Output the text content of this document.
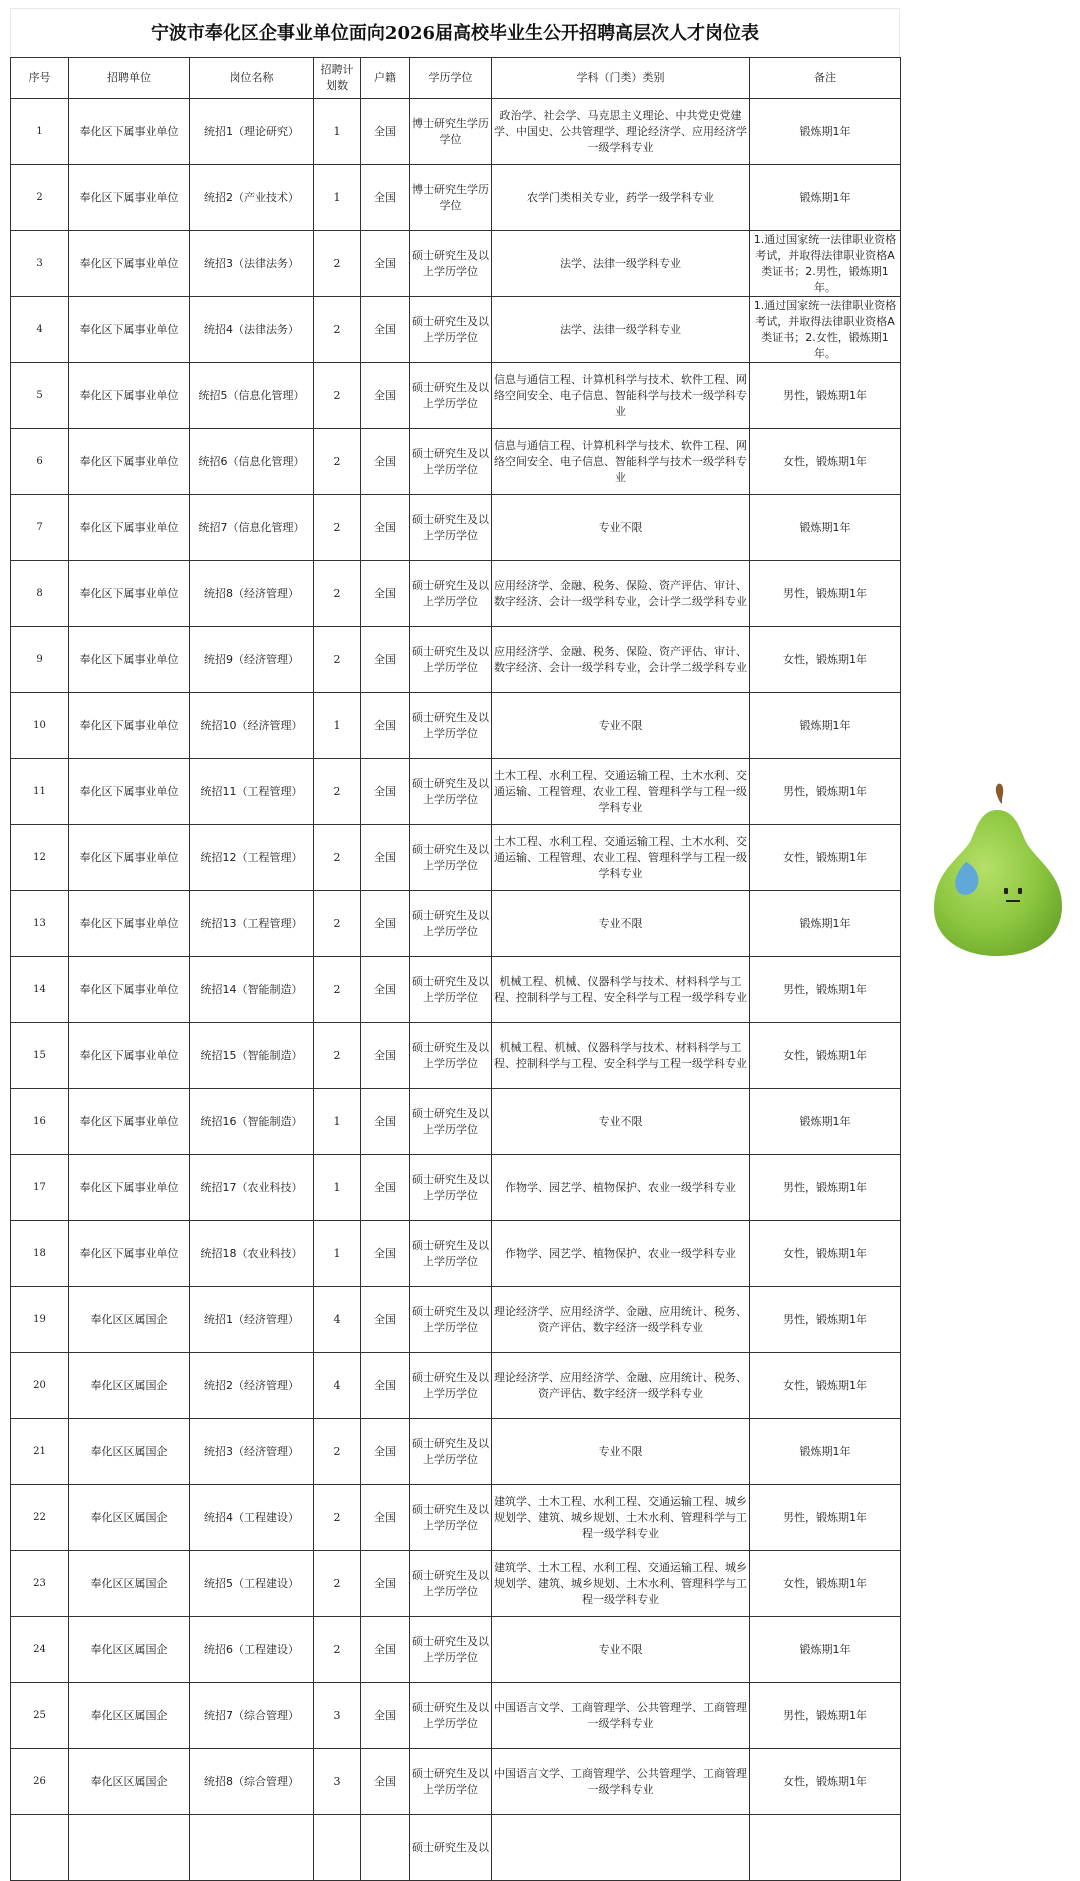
宁波市奉化区企事业单位面向2026届高校毕业生公开招聘高层次人才岗位表
序号	招聘单位	岗位名称	招聘计划数	户籍	学历学位	学科（门类）类别	备注
1	奉化区下属事业单位	统招1（理论研究）	1	全国	博士研究生学历学位	政治学、社会学、马克思主义理论、中共党史党建学、中国史、公共管理学、理论经济学、应用经济学一级学科专业	锻炼期1年
2	奉化区下属事业单位	统招2（产业技术）	1	全国	博士研究生学历学位	农学门类相关专业，药学一级学科专业	锻炼期1年
3	奉化区下属事业单位	统招3（法律法务）	2	全国	硕士研究生及以上学历学位	法学、法律一级学科专业	1.通过国家统一法律职业资格考试，并取得法律职业资格A类证书；2.男性，锻炼期1年。
4	奉化区下属事业单位	统招4（法律法务）	2	全国	硕士研究生及以上学历学位	法学、法律一级学科专业	1.通过国家统一法律职业资格考试，并取得法律职业资格A类证书；2.女性，锻炼期1年。
5	奉化区下属事业单位	统招5（信息化管理）	2	全国	硕士研究生及以上学历学位	信息与通信工程、计算机科学与技术、软件工程、网络空间安全、电子信息、智能科学与技术一级学科专业	男性，锻炼期1年
6	奉化区下属事业单位	统招6（信息化管理）	2	全国	硕士研究生及以上学历学位	信息与通信工程、计算机科学与技术、软件工程、网络空间安全、电子信息、智能科学与技术一级学科专业	女性，锻炼期1年
7	奉化区下属事业单位	统招7（信息化管理）	2	全国	硕士研究生及以上学历学位	专业不限	锻炼期1年
8	奉化区下属事业单位	统招8（经济管理）	2	全国	硕士研究生及以上学历学位	应用经济学、金融、税务、保险、资产评估、审计、数字经济、会计一级学科专业，会计学二级学科专业	男性，锻炼期1年
9	奉化区下属事业单位	统招9（经济管理）	2	全国	硕士研究生及以上学历学位	应用经济学、金融、税务、保险、资产评估、审计、数字经济、会计一级学科专业，会计学二级学科专业	女性，锻炼期1年
10	奉化区下属事业单位	统招10（经济管理）	1	全国	硕士研究生及以上学历学位	专业不限	锻炼期1年
11	奉化区下属事业单位	统招11（工程管理）	2	全国	硕士研究生及以上学历学位	土木工程、水利工程、交通运输工程、土木水利、交通运输、工程管理、农业工程、管理科学与工程一级学科专业	男性，锻炼期1年
12	奉化区下属事业单位	统招12（工程管理）	2	全国	硕士研究生及以上学历学位	土木工程、水利工程、交通运输工程、土木水利、交通运输、工程管理、农业工程、管理科学与工程一级学科专业	女性，锻炼期1年
13	奉化区下属事业单位	统招13（工程管理）	2	全国	硕士研究生及以上学历学位	专业不限	锻炼期1年
14	奉化区下属事业单位	统招14（智能制造）	2	全国	硕士研究生及以上学历学位	机械工程、机械、仪器科学与技术、材料科学与工程、控制科学与工程、安全科学与工程一级学科专业	男性，锻炼期1年
15	奉化区下属事业单位	统招15（智能制造）	2	全国	硕士研究生及以上学历学位	机械工程、机械、仪器科学与技术、材料科学与工程、控制科学与工程、安全科学与工程一级学科专业	女性，锻炼期1年
16	奉化区下属事业单位	统招16（智能制造）	1	全国	硕士研究生及以上学历学位	专业不限	锻炼期1年
17	奉化区下属事业单位	统招17（农业科技）	1	全国	硕士研究生及以上学历学位	作物学、园艺学、植物保护、农业一级学科专业	男性，锻炼期1年
18	奉化区下属事业单位	统招18（农业科技）	1	全国	硕士研究生及以上学历学位	作物学、园艺学、植物保护、农业一级学科专业	女性，锻炼期1年
19	奉化区区属国企	统招1（经济管理）	4	全国	硕士研究生及以上学历学位	理论经济学、应用经济学、金融、应用统计、税务、资产评估、数字经济一级学科专业	男性，锻炼期1年
20	奉化区区属国企	统招2（经济管理）	4	全国	硕士研究生及以上学历学位	理论经济学、应用经济学、金融、应用统计、税务、资产评估、数字经济一级学科专业	女性，锻炼期1年
21	奉化区区属国企	统招3（经济管理）	2	全国	硕士研究生及以上学历学位	专业不限	锻炼期1年
22	奉化区区属国企	统招4（工程建设）	2	全国	硕士研究生及以上学历学位	建筑学、土木工程、水利工程、交通运输工程、城乡规划学、建筑、城乡规划、土木水利、管理科学与工程一级学科专业	男性，锻炼期1年
23	奉化区区属国企	统招5（工程建设）	2	全国	硕士研究生及以上学历学位	建筑学、土木工程、水利工程、交通运输工程、城乡规划学、建筑、城乡规划、土木水利、管理科学与工程一级学科专业	女性，锻炼期1年
24	奉化区区属国企	统招6（工程建设）	2	全国	硕士研究生及以上学历学位	专业不限	锻炼期1年
25	奉化区区属国企	统招7（综合管理）	3	全国	硕士研究生及以上学历学位	中国语言文学、工商管理学、公共管理学、工商管理一级学科专业	男性，锻炼期1年
26	奉化区区属国企	统招8（综合管理）	3	全国	硕士研究生及以上学历学位	中国语言文学、工商管理学、公共管理学、工商管理一级学科专业	女性，锻炼期1年
					硕士研究生及以		
